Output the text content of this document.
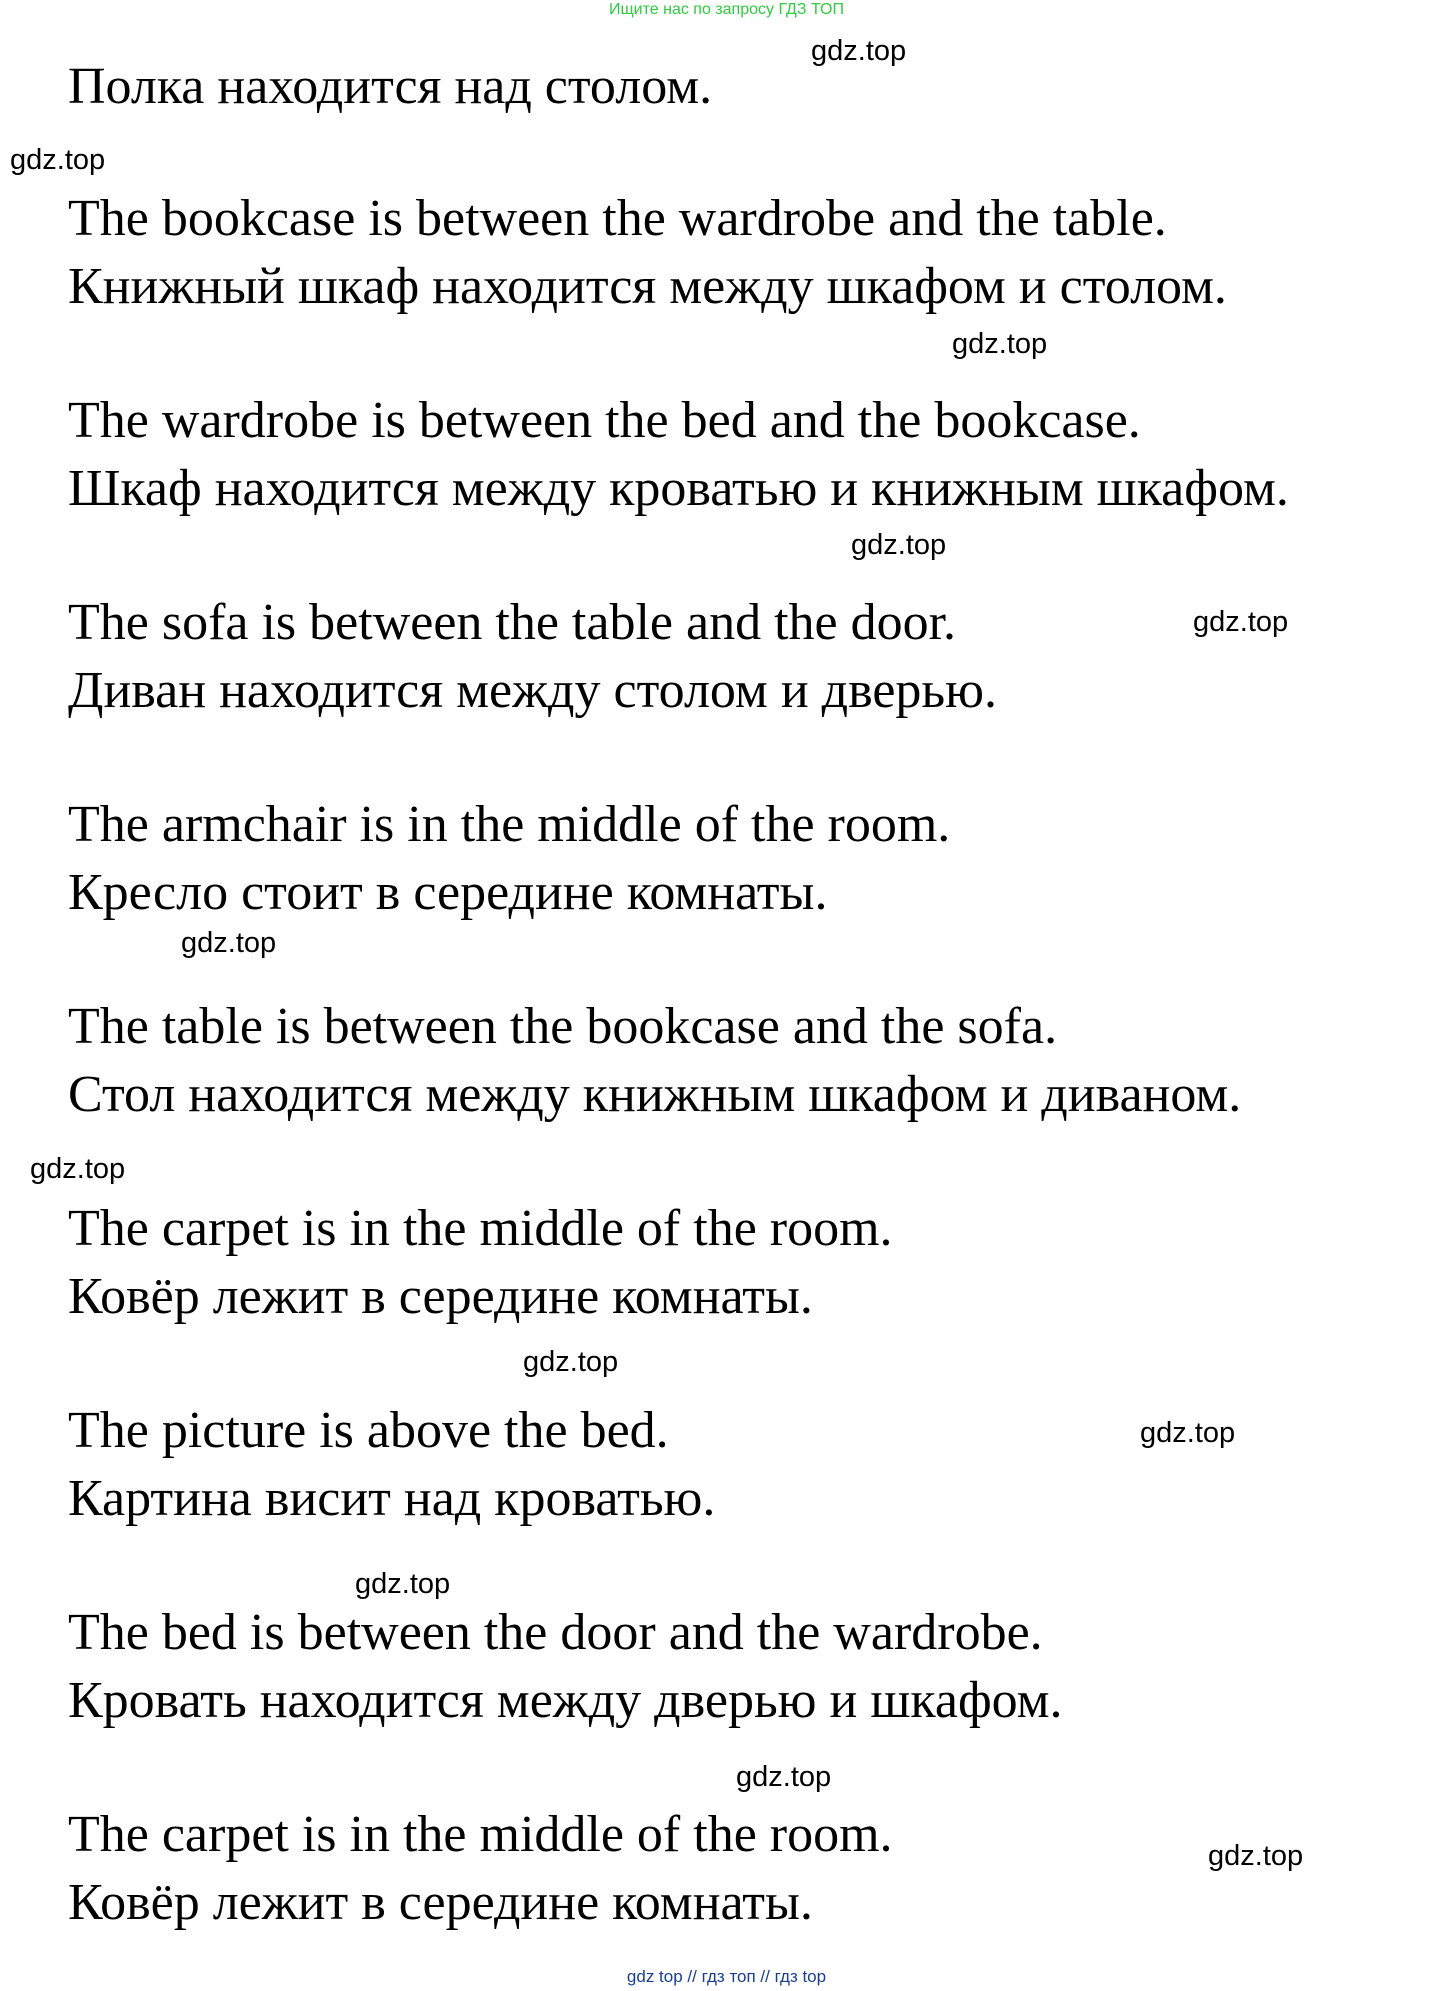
Ищите нас по запросу ГДЗ ТОП
Полка находится над столом.
The bookcase is between the wardrobe and the table.
Книжный шкаф находится между шкафом и столом.
The wardrobe is between the bed and the bookcase.
Шкаф находится между кроватью и книжным шкафом.
The sofa is between the table and the door.
Диван находится между столом и дверью.
The armchair is in the middle of the room.
Кресло стоит в середине комнаты.
The table is between the bookcase and the sofa.
Стол находится между книжным шкафом и диваном.
The carpet is in the middle of the room.
Ковёр лежит в середине комнаты.
The picture is above the bed.
Картина висит над кроватью.
The bed is between the door and the wardrobe.
Кровать находится между дверью и шкафом.
The carpet is in the middle of the room.
Ковёр лежит в середине комнаты.
gdz.top
gdz.top
gdz.top
gdz.top
gdz.top
gdz.top
gdz.top
gdz.top
gdz.top
gdz.top
gdz.top
gdz.top
gdz top // гдз топ // гдз top
